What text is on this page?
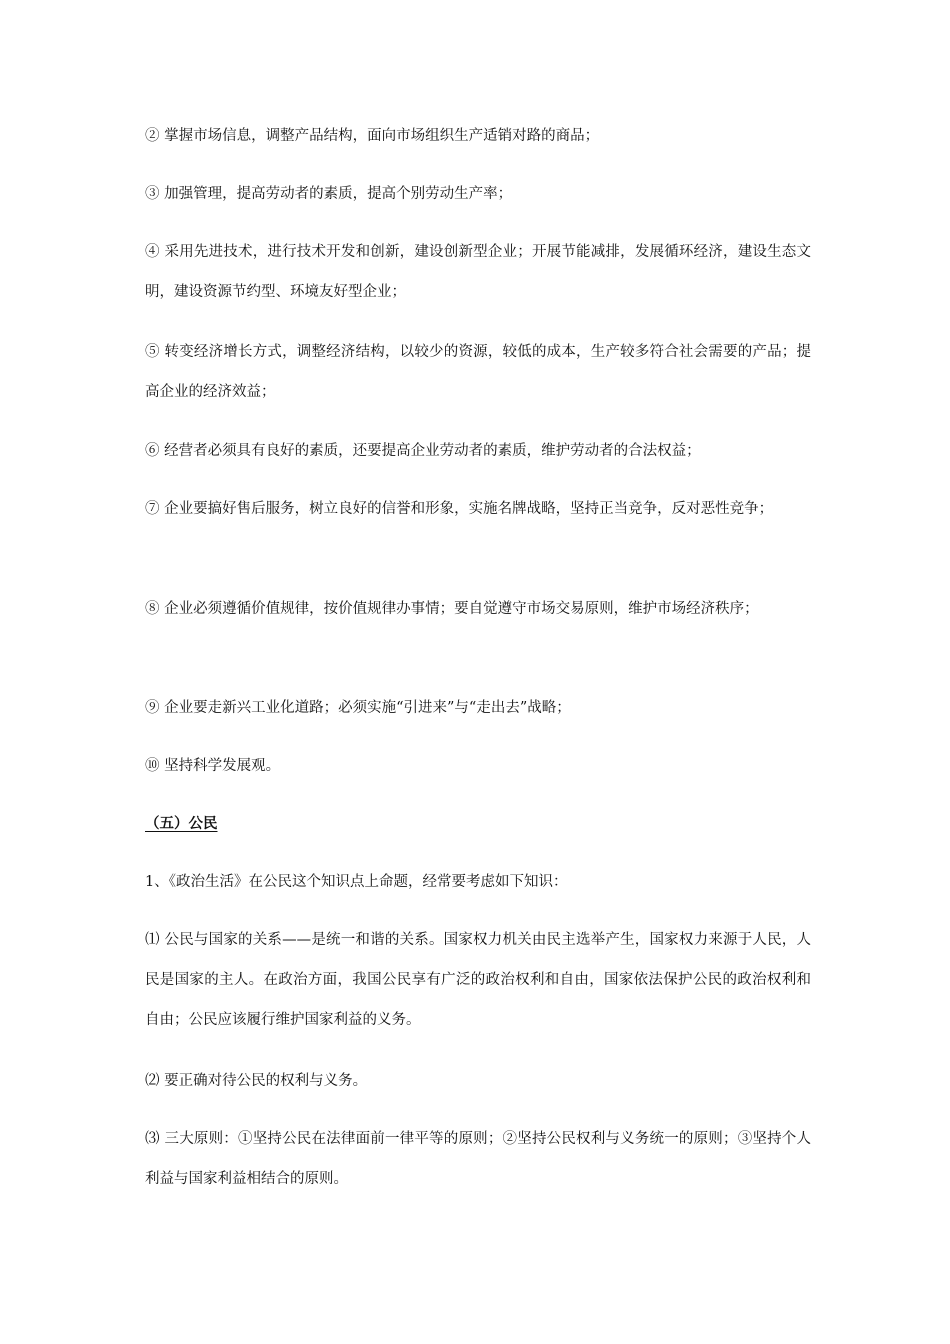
② 掌握市场信息，调整产品结构，面向市场组织生产适销对路的商品；
③ 加强管理，提高劳动者的素质，提高个别劳动生产率；
④ 采用先进技术，进行技术开发和创新，建设创新型企业；开展节能减排，发展循环经济，建设生态文明，建设资源节约型、环境友好型企业；
⑤ 转变经济增长方式，调整经济结构，以较少的资源，较低的成本，生产较多符合社会需要的产品；提高企业的经济效益；
⑥ 经营者必须具有良好的素质，还要提高企业劳动者的素质，维护劳动者的合法权益；
⑦ 企业要搞好售后服务，树立良好的信誉和形象，实施名牌战略，坚持正当竞争，反对恶性竞争；
⑧ 企业必须遵循价值规律，按价值规律办事情；要自觉遵守市场交易原则，维护市场经济秩序；
⑨ 企业要走新兴工业化道路；必须实施“引进来”与“走出去”战略；
⑩ 坚持科学发展观。
（五）公民
1、《政治生活》在公民这个知识点上命题，经常要考虑如下知识：
⑴ 公民与国家的关系——是统一和谐的关系。国家权力机关由民主选举产生，国家权力来源于人民，人民是国家的主人。在政治方面，我国公民享有广泛的政治权利和自由，国家依法保护公民的政治权利和自由；公民应该履行维护国家利益的义务。
⑵ 要正确对待公民的权利与义务。
⑶ 三大原则：①坚持公民在法律面前一律平等的原则；②坚持公民权利与义务统一的原则；③坚持个人利益与国家利益相结合的原则。
